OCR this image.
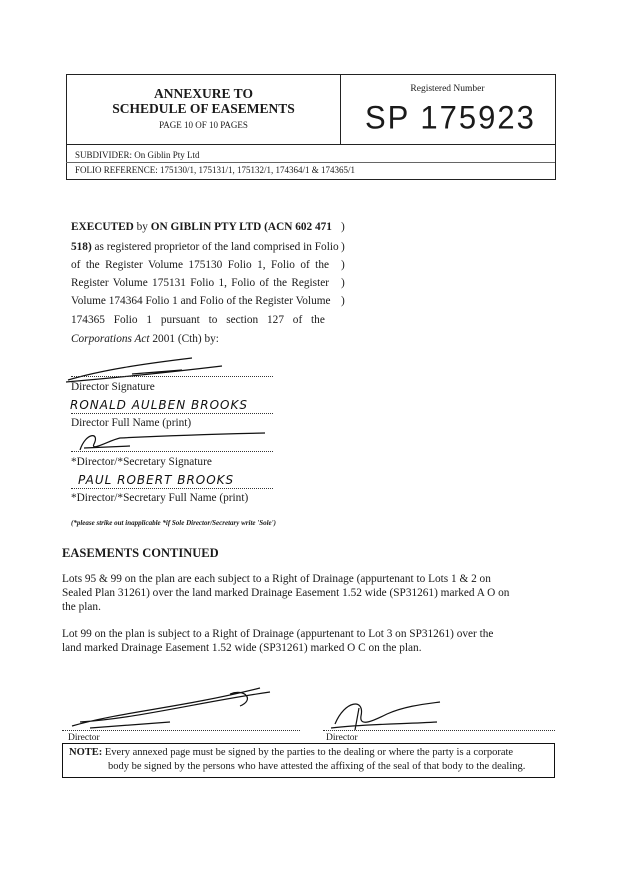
ANNEXURE TO
SCHEDULE OF EASEMENTS
PAGE 10 OF 10 PAGES
Registered Number
SP 175923
SUBDIVIDER: On Giblin Pty Ltd
FOLIO REFERENCE: 175130/1, 175131/1, 175132/1, 174364/1 & 174365/1
EXECUTED by ON GIBLIN PTY LTD (ACN 602 471
518) as registered proprietor of the land comprised in Folio
of the Register Volume 175130 Folio 1, Folio of the
Register Volume 175131 Folio 1, Folio of the Register
Volume 174364 Folio 1 and Folio of the Register Volume
174365 Folio 1 pursuant to section 127 of the
Corporations Act 2001 (Cth) by:
)
)
)
)
)
Director Signature
RONALD AULBEN BROOKS
Director Full Name (print)
*Director/*Secretary Signature
PAUL ROBERT BROOKS
*Director/*Secretary Full Name (print)
(*please strike out inapplicable *if Sole Director/Secretary write 'Sole')
EASEMENTS CONTINUED
Lots 95 & 99 on the plan are each subject to a Right of Drainage (appurtenant to Lots 1 & 2 on
Sealed Plan 31261) over the land marked Drainage Easement 1.52 wide (SP31261) marked A O on
the plan.
Lot 99 on the plan is subject to a Right of Drainage (appurtenant to Lot 3 on SP31261) over the
land marked Drainage Easement 1.52 wide (SP31261) marked O C on the plan.
Director	Director
NOTE: Every annexed page must be signed by the parties to the dealing or where the party is a corporate
body be signed by the persons who have attested the affixing of the seal of that body to the dealing.
